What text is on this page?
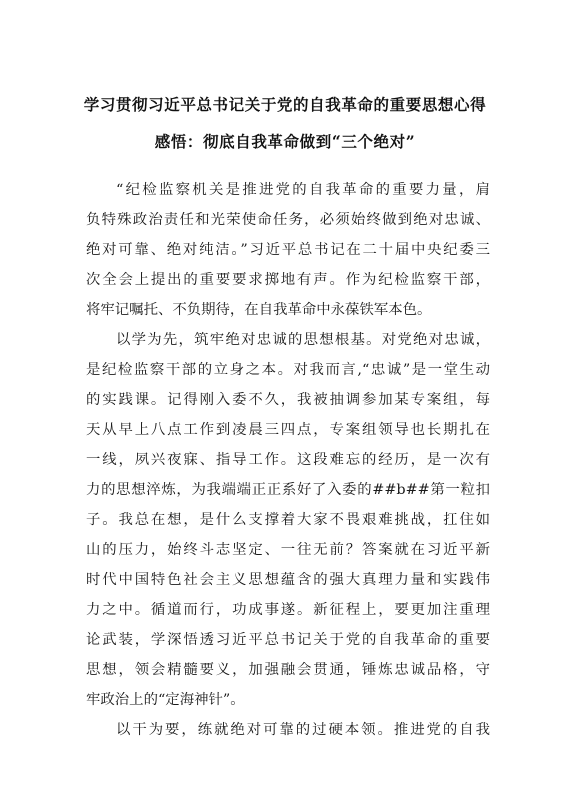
学习贯彻习近平总书记关于党的自我革命的重要思想心得
感悟：彻底自我革命做到“三个绝对”
“纪检监察机关是推进党的自我革命的重要力量，肩
负特殊政治责任和光荣使命任务，必须始终做到绝对忠诚、
绝对可靠、绝对纯洁。”习近平总书记在二十届中央纪委三
次全会上提出的重要要求掷地有声。作为纪检监察干部，
将牢记嘱托、不负期待，在自我革命中永葆铁军本色。
以学为先，筑牢绝对忠诚的思想根基。对党绝对忠诚，
是纪检监察干部的立身之本。对我而言,“忠诚”是一堂生动
的实践课。记得刚入委不久，我被抽调参加某专案组，每
天从早上八点工作到凌晨三四点，专案组领导也长期扎在
一线，夙兴夜寐、指导工作。这段难忘的经历，是一次有
力的思想淬炼，为我端端正正系好了入委的##b##第一粒扣
子。我总在想，是什么支撑着大家不畏艰难挑战，扛住如
山的压力，始终斗志坚定、一往无前？答案就在习近平新
时代中国特色社会主义思想蕴含的强大真理力量和实践伟
力之中。循道而行，功成事遂。新征程上，要更加注重理
论武装，学深悟透习近平总书记关于党的自我革命的重要
思想，领会精髓要义，加强融会贯通，锤炼忠诚品格，守
牢政治上的“定海神针”。
以干为要，练就绝对可靠的过硬本领。推进党的自我
